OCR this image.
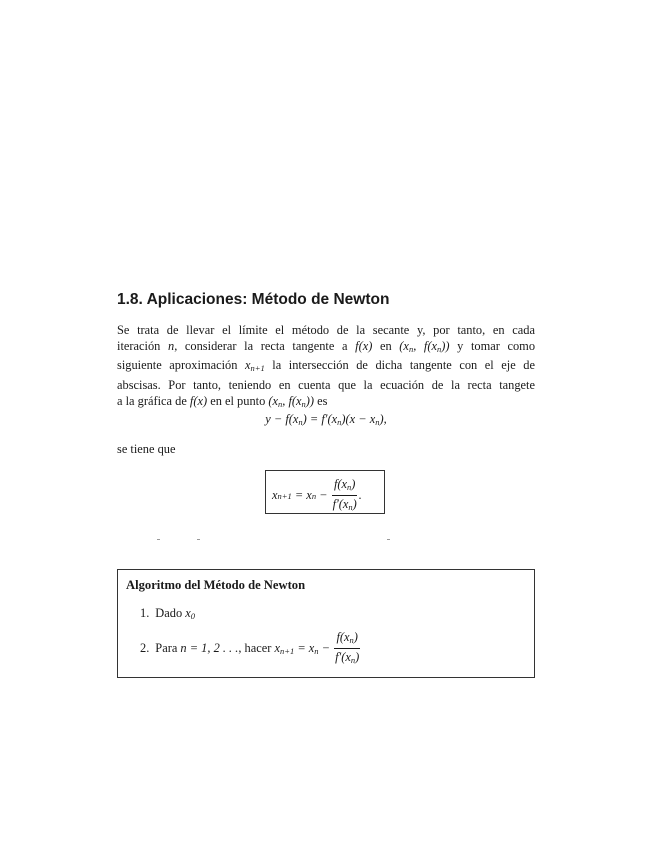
1.8. Aplicaciones: Método de Newton
Se trata de llevar el límite el método de la secante y, por tanto, en cada
iteración n, considerar la recta tangente a f(x) en ($x_n$, $f(x_n)$) y tomar como
siguiente aproximación $x_{n+1}$ la intersección de dicha tangente con el eje de
abscisas. Por tanto, teniendo en cuenta que la ecuación de la recta tangete
a la gráfica de f(x) en el punto ($x_n$, $f(x_n)$) es
$y - f(x_n) = f'(x_n)(x - x_n)$,
se tiene que
x n+1 = x $n - \frac{f(x_n)}{f'(x_n)}$ .
Algoritmo del Método de Newton
1. Dado $x_0$
2. Para n = 1, 2 . . . , hacer $x_{n+1} = x_n - \frac{f(x_n)}{f'(x_n)}$
